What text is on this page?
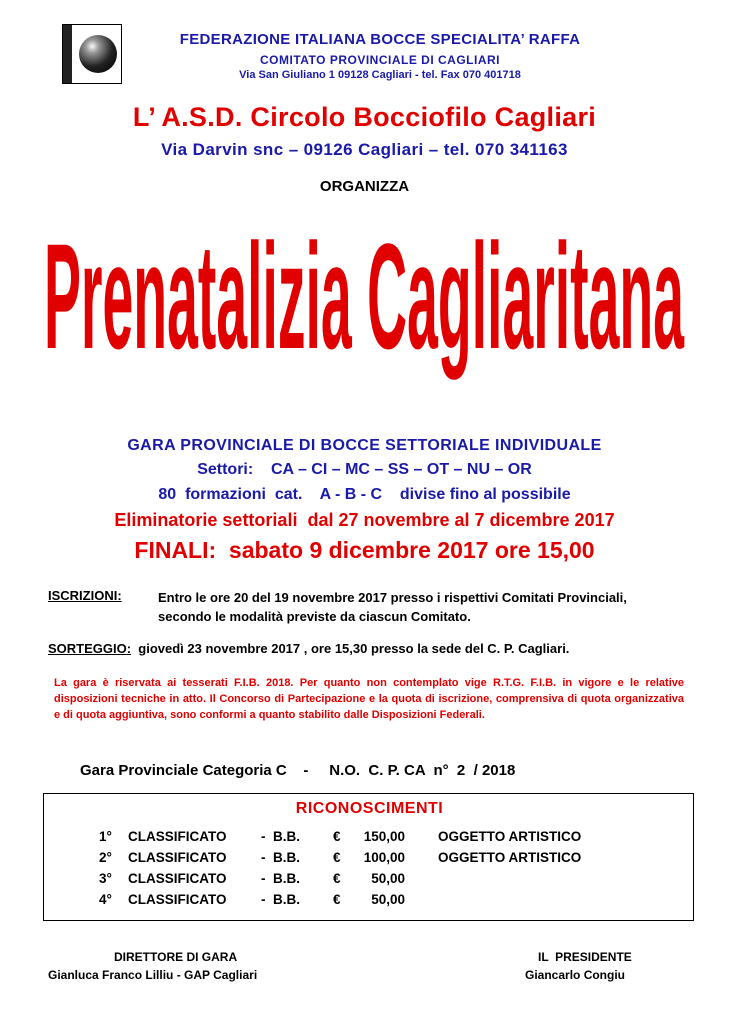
FEDERAZIONE ITALIANA BOCCE SPECIALITA’ RAFFA
COMITATO PROVINCIALE DI CAGLIARI
Via San Giuliano 1 09128 Cagliari - tel. Fax 070 401718
L’ A.S.D. Circolo Bocciofilo Cagliari
Via Darvin snc – 09126 Cagliari – tel. 070 341163
ORGANIZZA
Prenatalizia Cagliaritana
GARA PROVINCIALE DI BOCCE SETTORIALE INDIVIDUALE
Settori:    CA – CI – MC – SS – OT – NU – OR
80  formazioni  cat.    A - B - C    divise fino al possibile
Eliminatorie settoriali  dal 27 novembre al 7 dicembre 2017
FINALI:  sabato 9 dicembre 2017 ore 15,00
ISCRIZIONI:	Entro le ore 20 del 19 novembre 2017 presso i rispettivi Comitati Provinciali, secondo le modalità previste da ciascun Comitato.
SORTEGGIO:  giovedì 23 novembre 2017 , ore 15,30 presso la sede del C. P. Cagliari.
La gara è riservata ai tesserati F.I.B. 2018. Per quanto non contemplato vige R.T.G. F.I.B. in vigore e le relative disposizioni tecniche in atto. Il Concorso di Partecipazione e la quota di iscrizione, comprensiva di quota organizzativa e di quota aggiuntiva, sono conformi a quanto stabilito dalle Disposizioni Federali.
Gara Provinciale Categoria C    -     N.O.  C. P. CA  n°  2  / 2018
RICONOSCIMENTI
1° CLASSIFICATO	-  B.B. €	150,00 OGGETTO ARTISTICO
2° CLASSIFICATO	-  B.B. €	100,00 OGGETTO ARTISTICO
3° CLASSIFICATO	-  B.B. €	50,00
4° CLASSIFICATO	-  B.B. €	50,00
DIRETTORE DI GARA
Gianluca Franco Lilliu - GAP Cagliari
IL  PRESIDENTE
Giancarlo Congiu
